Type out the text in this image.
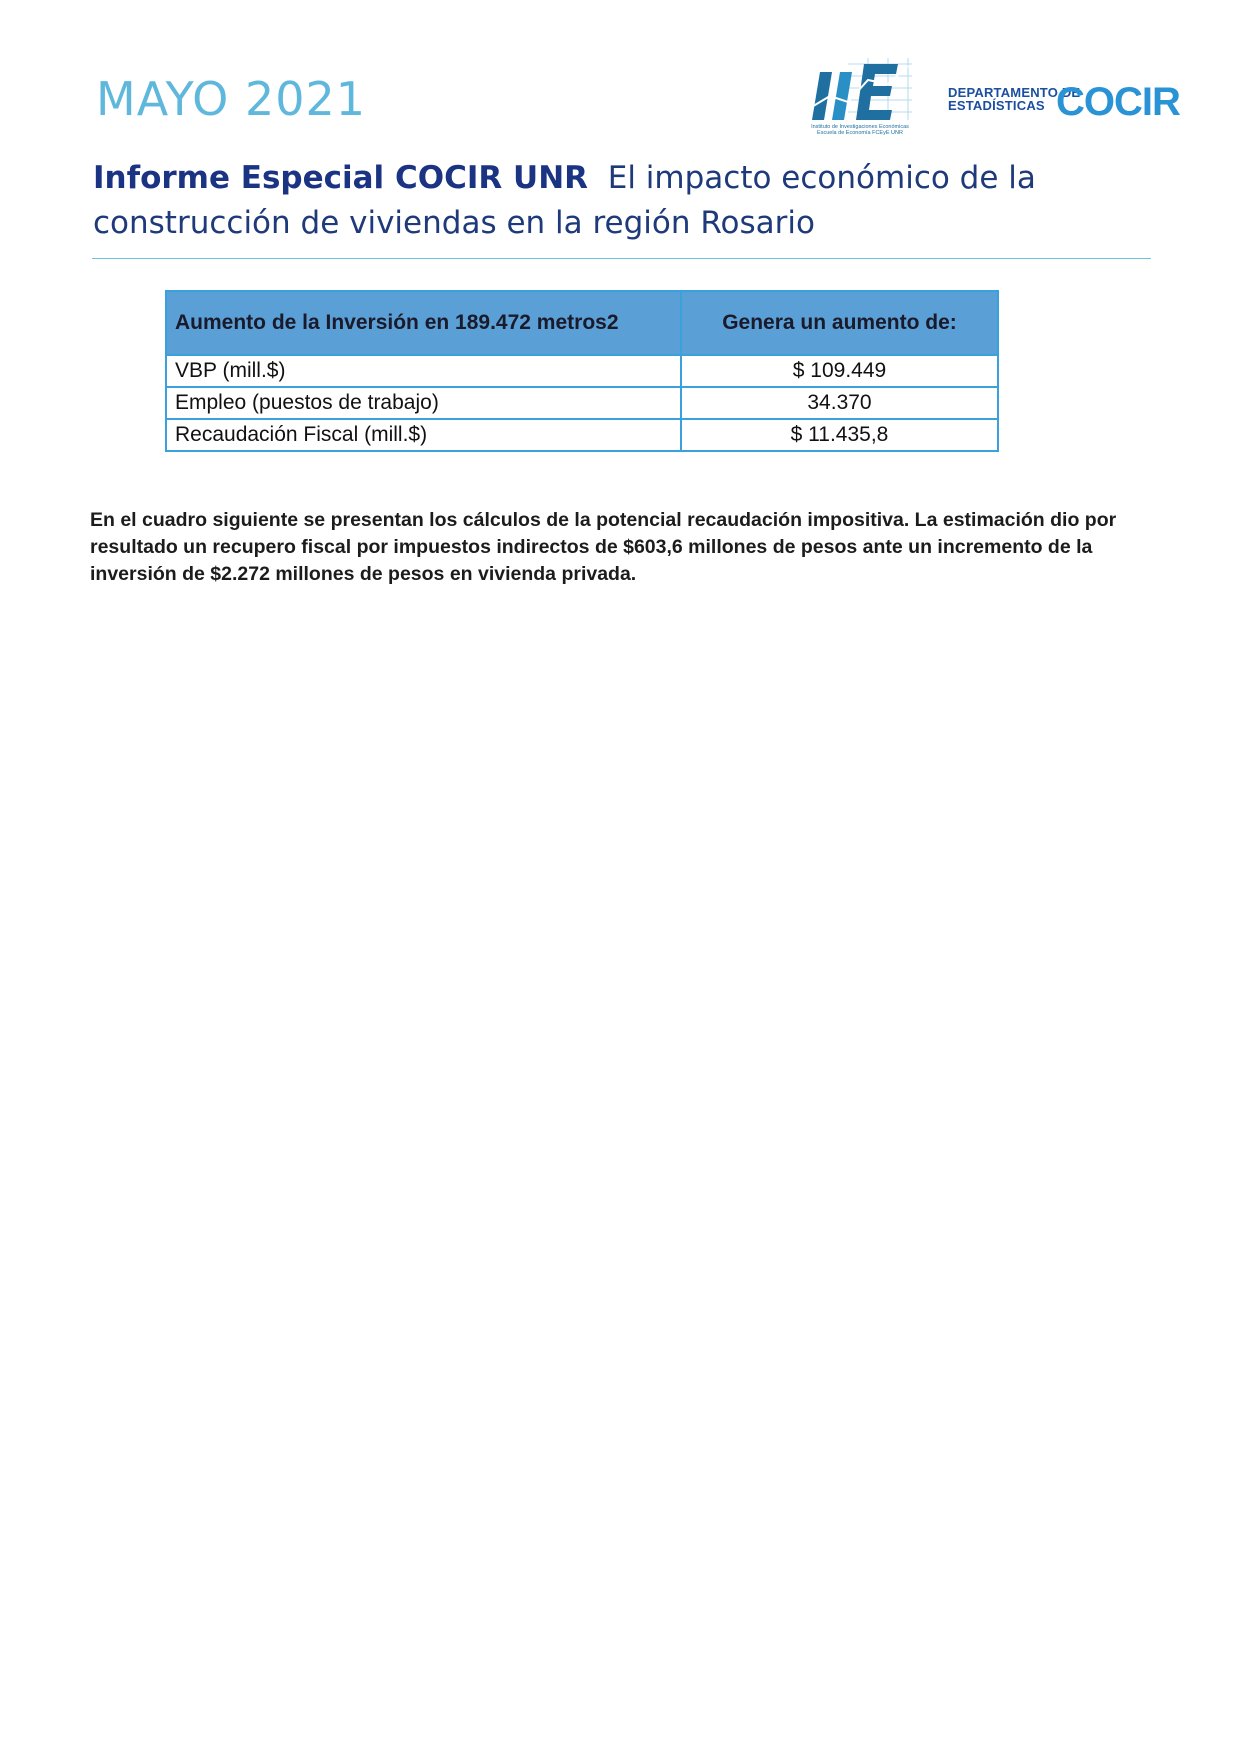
MAYO 2021
Instituto de Investigaciones Económicas
Escuela de Economía FCEyE UNR
DEPARTAMENTO DE
ESTADÍSTICAS COCIR
Informe Especial COCIR UNR El impacto económico de la construcción de viviendas en la región Rosario
Aumento de la Inversión en 189.472 metros2	Genera un aumento de:
VBP (mill.$)	$ 109.449
Empleo (puestos de trabajo)	34.370
Recaudación Fiscal (mill.$)	$ 11.435,8

En el cuadro siguiente se presentan los cálculos de la potencial recaudación impositiva. La estimación dio por resultado un recupero fiscal por impuestos indirectos de $603,6 millones de pesos ante un incremento de la inversión de $2.272 millones de pesos en vivienda privada.
